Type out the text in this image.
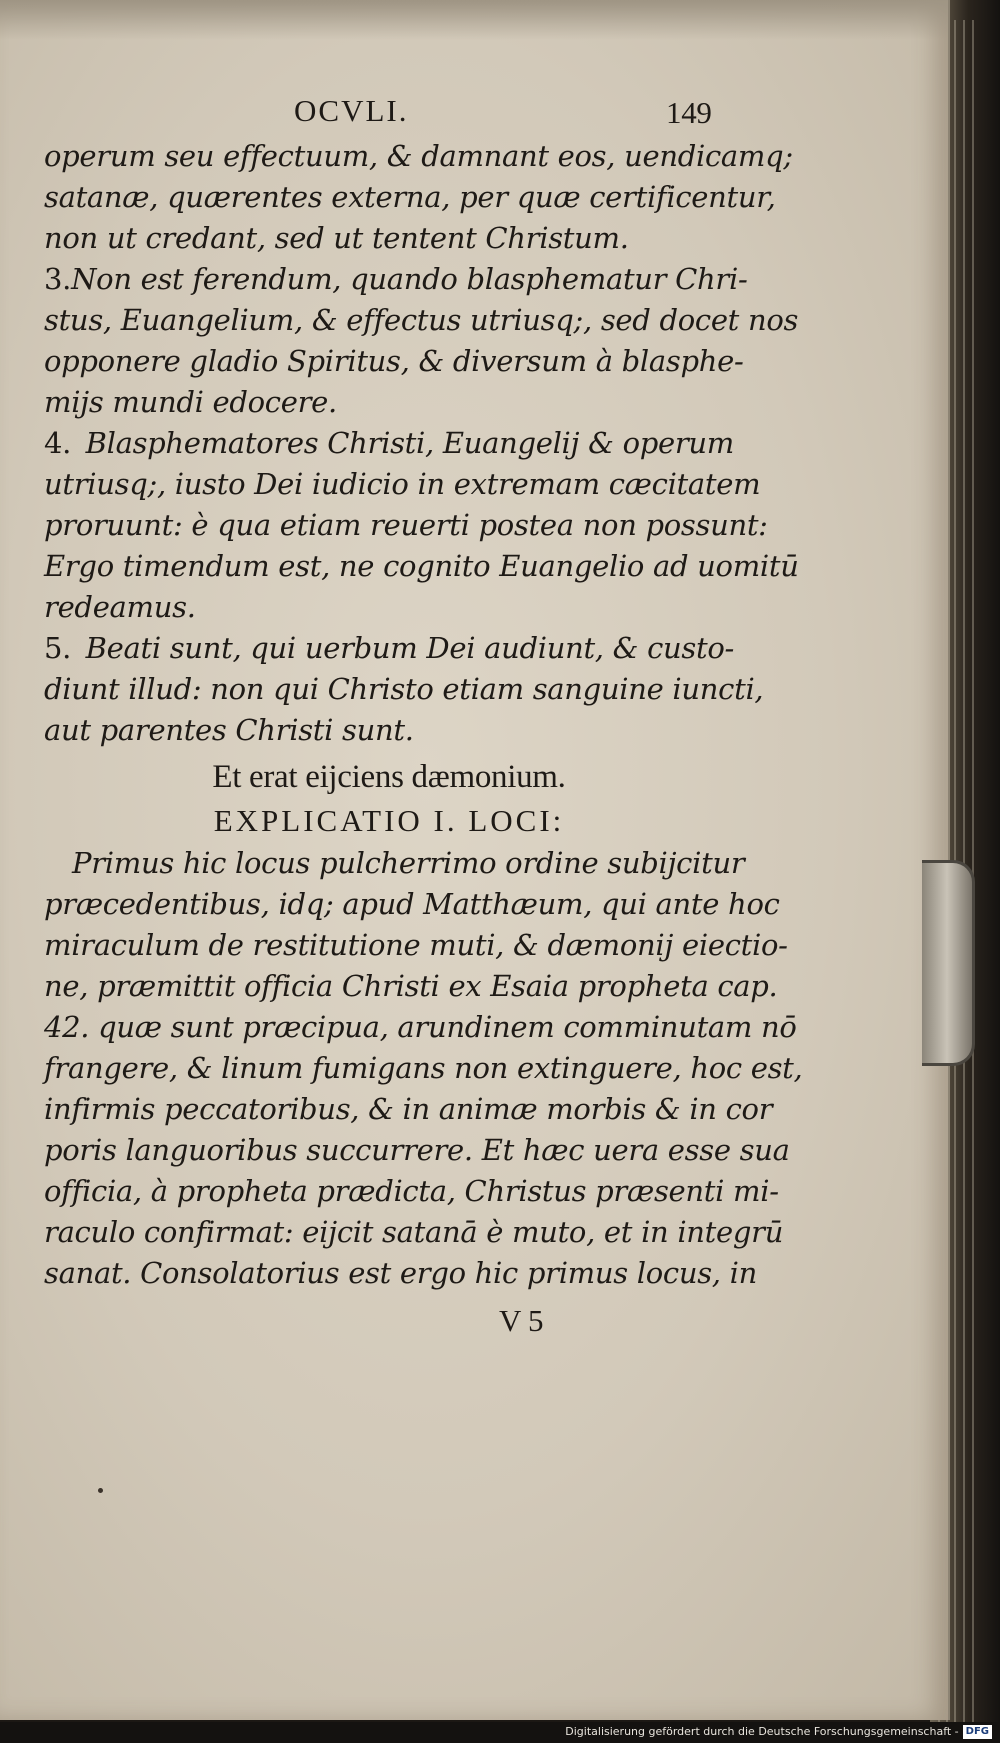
OCVLI.	149
operum seu effectuum, & damnant eos, uendicamq;
satanæ, quærentes externa, per quæ certificentur,
non ut credant, sed ut tentent Christum.
3. Non est ferendum, quando blasphematur Chri-
stus, Euangelium, & effectus utriusq;, sed docet nos
opponere gladio Spiritus, & diversum à blasphe-
mijs mundi edocere.
4. Blasphematores Christi, Euangelij & operum
utriusq;, iusto Dei iudicio in extremam cæcitatem
proruunt: è qua etiam reuerti postea non possunt:
Ergo timendum est, ne cognito Euangelio ad uomitū
redeamus.
5. Beati sunt, qui uerbum Dei audiunt, & custo-
diunt illud: non qui Christo etiam sanguine iuncti,
aut parentes Christi sunt.
Et erat eijciens dæmonium.
EXPLICATIO I. LOCI:
Primus hic locus pulcherrimo ordine subijcitur
præcedentibus, idq; apud Matthæum, qui ante hoc
miraculum de restitutione muti, & dæmonij eiectio-
ne, præmittit officia Christi ex Esaia propheta cap.
42. quæ sunt præcipua, arundinem comminutam nō
frangere, & linum fumigans non extinguere, hoc est,
infirmis peccatoribus, & in animæ morbis & in cor
poris languoribus succurrere. Et hæc uera esse sua
officia, à propheta prædicta, Christus præsenti mi-
raculo confirmat: eijcit satanā è muto, et in integrū
sanat. Consolatorius est ergo hic primus locus, in
V 5
Digitalisierung gefördert durch die Deutsche Forschungsgemeinschaft - DFG
